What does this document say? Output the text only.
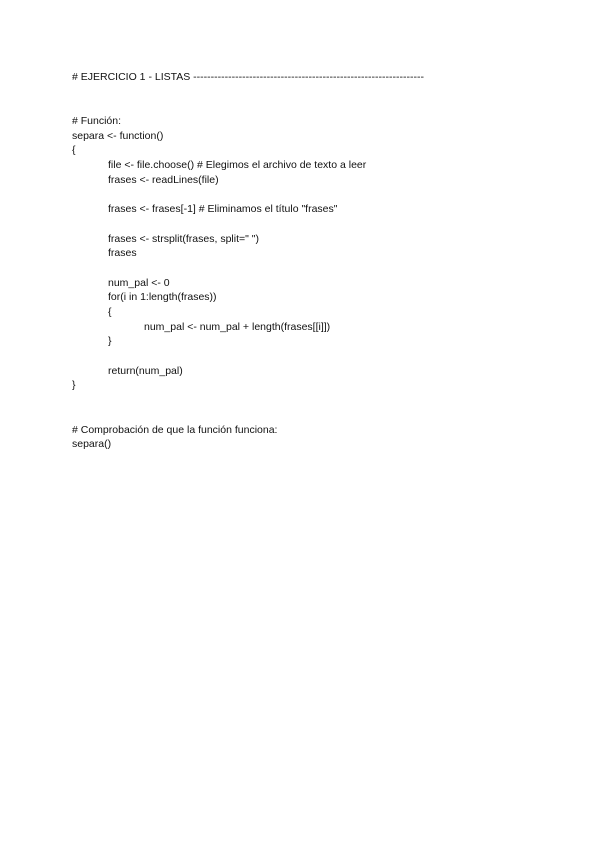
# EJERCICIO 1 - LISTAS ------------------------------------------------------------------
# Función:
separa <- function()
{
file <- file.choose() # Elegimos el archivo de texto a leer
frases <- readLines(file)
frases <- frases[-1] # Eliminamos el título "frases"
frases <- strsplit(frases, split=" ")
frases
num_pal <- 0
for(i in 1:length(frases))
{
num_pal <- num_pal + length(frases[[i]])
}
return(num_pal)
}
# Comprobación de que la función funciona:
separa()
